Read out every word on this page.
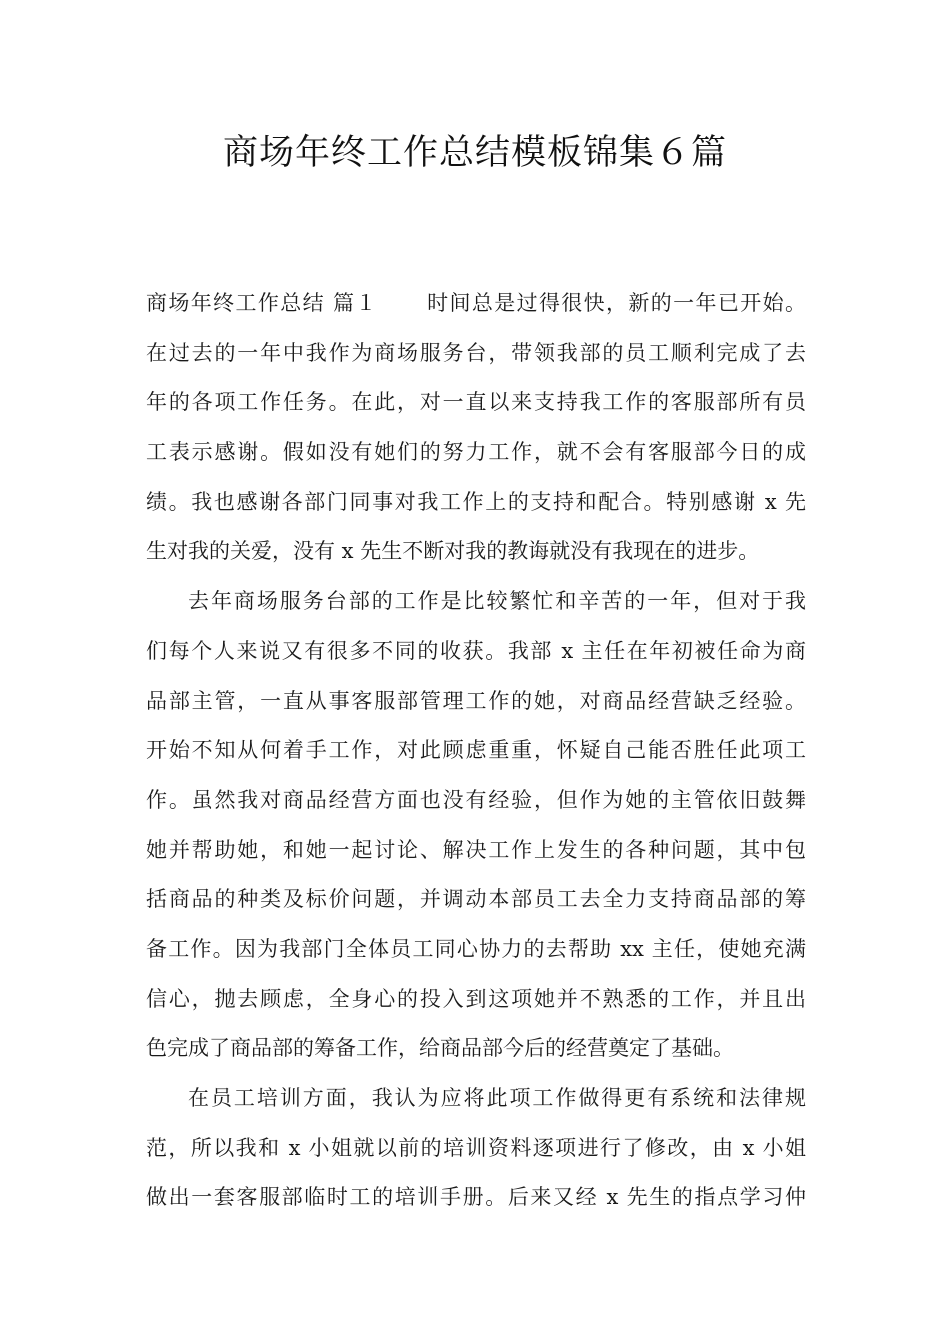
商场年终工作总结模板锦集６篇
商场年终工作总结 篇１ 时间总是过得很快，新的一年已开始。
在过去的一年中我作为商场服务台，带领我部的员工顺利完成了去
年的各项工作任务。在此，对一直以来支持我工作的客服部所有员
工表示感谢。假如没有她们的努力工作，就不会有客服部今日的成
绩。我也感谢各部门同事对我工作上的支持和配合。特别感谢 x 先
生对我的关爱，没有 x 先生不断对我的教诲就没有我现在的进步。
去年商场服务台部的工作是比较繁忙和辛苦的一年，但对于我
们每个人来说又有很多不同的收获。我部 x 主任在年初被任命为商
品部主管，一直从事客服部管理工作的她，对商品经营缺乏经验。
开始不知从何着手工作，对此顾虑重重，怀疑自己能否胜任此项工
作。虽然我对商品经营方面也没有经验，但作为她的主管依旧鼓舞
她并帮助她，和她一起讨论、解决工作上发生的各种问题，其中包
括商品的种类及标价问题，并调动本部员工去全力支持商品部的筹
备工作。因为我部门全体员工同心协力的去帮助 xx 主任，使她充满
信心，抛去顾虑，全身心的投入到这项她并不熟悉的工作，并且出
色完成了商品部的筹备工作，给商品部今后的经营奠定了基础。
在员工培训方面，我认为应将此项工作做得更有系统和法律规
范，所以我和 x 小姐就以前的培训资料逐项进行了修改，由 x 小姐
做出一套客服部临时工的培训手册。后来又经 x 先生的指点学习仲
